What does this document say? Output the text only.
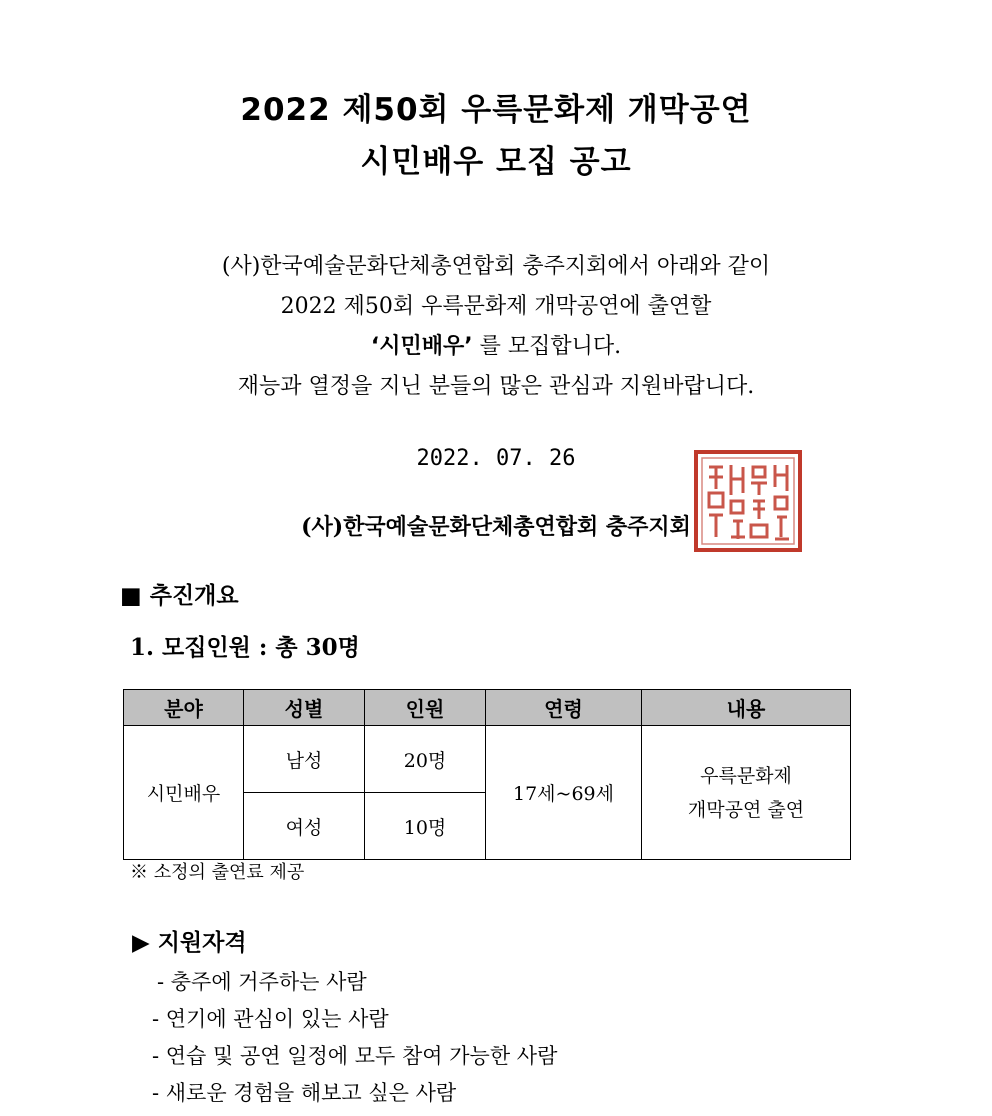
2022 제50회 우륵문화제 개막공연
시민배우 모집 공고
(사)한국예술문화단체총연합회 충주지회에서 아래와 같이
2022 제50회 우륵문화제 개막공연에 출연할
‘시민배우’ 를 모집합니다.
재능과 열정을 지닌 분들의 많은 관심과 지원바랍니다.
2022. 07. 26
(사)한국예술문화단체총연합회 충주지회
■ 추진개요
1. 모집인원 : 총 30명
분야	성별	인원	연령	내용
시민배우	남성	20명	17세~69세	우륵문화제
개막공연 출연

	여성	10명		
※ 소정의 출연료 제공
▶ 지원자격
- 충주에 거주하는 사람
- 연기에 관심이 있는 사람
- 연습 및 공연 일정에 모두 참여 가능한 사람
- 새로운 경험을 해보고 싶은 사람
